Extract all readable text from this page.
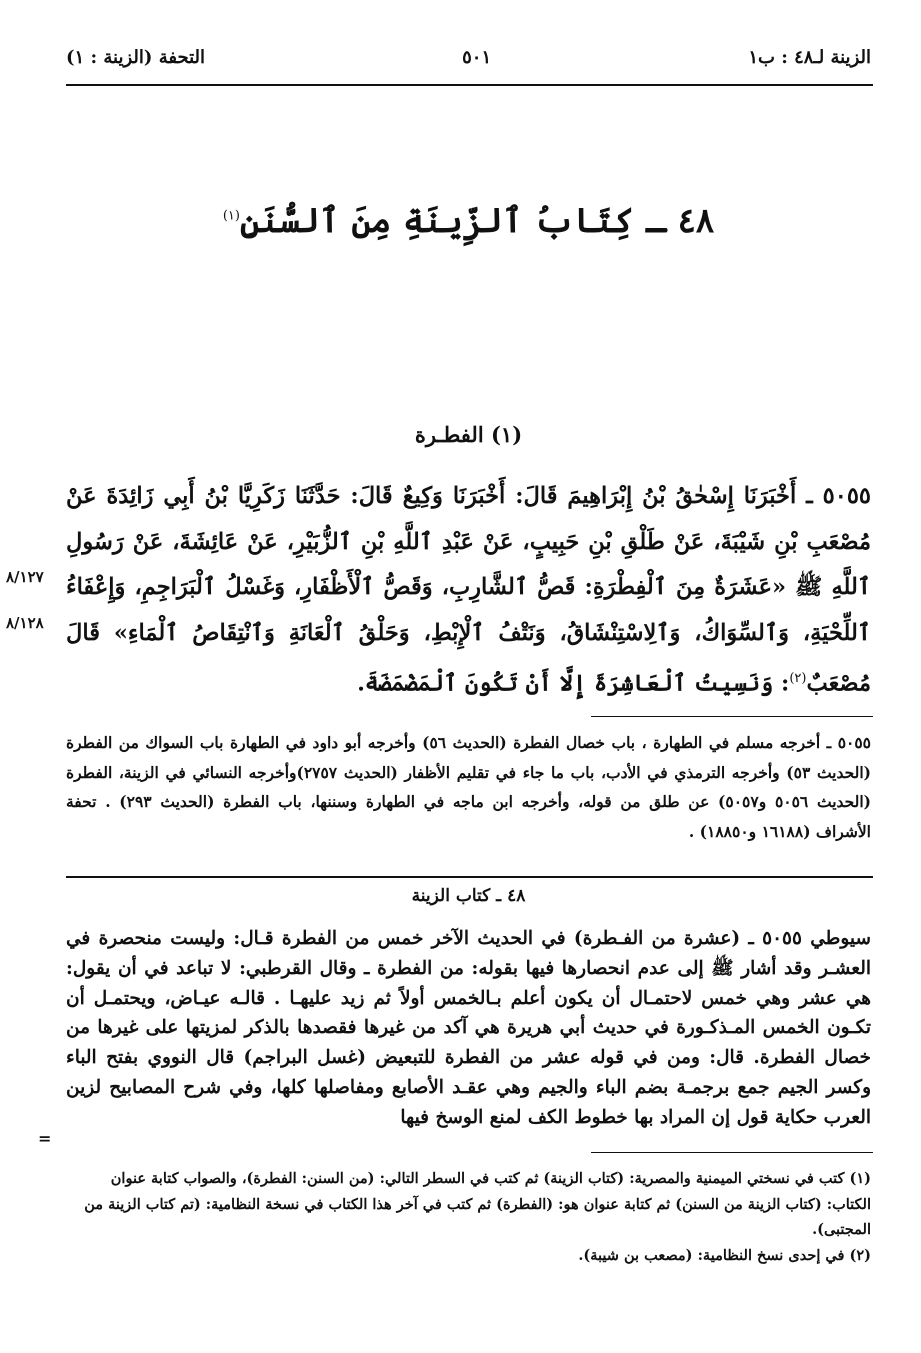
الزينة لـ٤٨ : ب١
٥٠١
التحفة (الزينة : ١)
٤٨ ـ كِتَابُ ٱلزِّينَةِ مِنَ ٱلسُّنَنِ$^{(١)}$
(١) الفطـرة
٥٠٥٥ ـ أَخْبَرَنَا إِسْحٰقُ بْنُ إِبْرَاهِيمَ قَالَ: أَخْبَرَنَا وَكِيعٌ قَالَ: حَدَّثَنَا زَكَرِيَّا بْنُ أَبِي زَائِدَةَ عَنْ مُصْعَبِ بْنِ شَيْبَةَ، عَنْ طَلْقِ بْنِ حَبِيبٍ، عَنْ عَبْدِ ٱللَّهِ بْنِ ٱلزُّبَيْرِ، عَنْ عَائِشَةَ، عَنْ رَسُولِ ٱللَّهِ ﷺ «عَشَرَةٌ مِنَ ٱلْفِطْرَةِ: قَصُّ ٱلشَّارِبِ، وَقَصُّ ٱلْأَظْفَارِ، وَغَسْلُ ٱلْبَرَاجِمِ، وَإِعْفَاءُ ٱللِّحْيَةِ، وَٱلسِّوَاكُ، وَٱلِاسْتِنْشَاقُ، وَنَتْفُ ٱلْإِبْطِ، وَحَلْقُ ٱلْعَانَةِ وَٱنْتِقَاصُ ٱلْمَاءِ» قَالَ مُصْعَبٌ$^{(٢)}$: وَنَسِيتُ ٱلْعَاشِرَةَ إِلَّا أَنْ تَكُونَ ٱلْمَضْمَضَةَ.
٨/١٢٧
٨/١٢٨
٥٠٥٥ ـ أخرجه مسلم في الطهارة ، باب خصال الفطرة (الحديث ٥٦) وأخرجه أبو داود في الطهارة باب السواك من الفطرة (الحديث ٥٣) وأخرجه الترمذي في الأدب، باب ما جاء في تقليم الأظفار (الحديث ٢٧٥٧)وأخرجه النسائي في الزينة، الفطرة (الحديث ٥٠٥٦ و٥٠٥٧) عن طلق من قوله، وأخرجه ابن ماجه في الطهارة وسننها، باب الفطرة (الحديث ٢٩٣) . تحفة الأشراف (١٦١٨٨ و١٨٨٥٠) .
٤٨ ـ كتاب الزينة
سيوطي ٥٠٥٥ ـ (عشرة من الفـطرة) في الحديث الآخر خمس من الفطرة قـال: وليست منحصرة في العشـر وقد أشار ﷺ إلى عدم انحصارها فيها بقوله: من الفطرة ـ وقال القرطبي: لا تباعد في أن يقول: هي عشر وهي خمس لاحتمـال أن يكون أعلم بـالخمس أولاً ثم زيد عليهـا . قالـه عيـاض، ويحتمـل أن تكـون الخمس المـذكـورة في حديث أبي هريرة هي آكد من غيرها فقصدها بالذكر لمزيتها على غيرها من خصال الفطرة. قال: ومن في قوله عشر من الفطرة للتبعيض (غسل البراجم) قال النووي بفتح الباء وكسر الجيم جمع برجمـة بضم الباء والجيم وهي عقـد الأصابع ومفاصلها كلها، وفي شرح المصابيح لزين العرب حكاية قول إن المراد بها خطوط الكف لمنع الوسخ فيها
=

(١) كتب في نسختي الميمنية والمصرية: (كتاب الزينة) ثم كتب في السطر التالي: (من السنن: الفطرة)، والصواب كتابة عنوان الكتاب: (كتاب الزينة من السنن) ثم كتابة عنوان هو: (الفطرة) ثم كتب في آخر هذا الكتاب في نسخة النظامية: (تم كتاب الزينة من المجتبى).

(٢) في إحدى نسخ النظامية: (مصعب بن شيبة).
